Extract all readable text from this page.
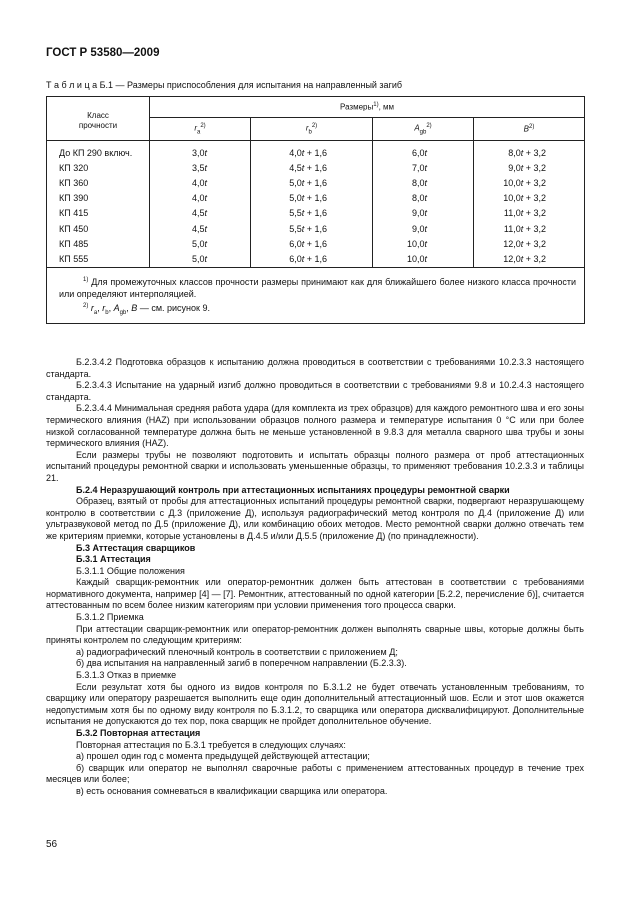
ГОСТ Р 53580—2009
Т а б л и ц а Б.1 — Размеры приспособления для испытания на направленный загиб
Класс
прочности	Размеры$^{1)}$, мм			
	$r_a^{2)}$	$r_b^{2)}$	$A_{gb}^{2)}$	$B^{2)}$
До КП 290 включ.	3,0t	4,0t + 1,6	6,0t	8,0t + 3,2
КП 320	3,5t	4,5t + 1,6	7,0t	9,0t + 3,2
КП 360	4,0t	5,0t + 1,6	8,0t	10,0t + 3,2
КП 390	4,0t	5,0t + 1,6	8,0t	10,0t + 3,2
КП 415	4,5t	5,5t + 1,6	9,0t	11,0t + 3,2
КП 450	4,5t	5,5t + 1,6	9,0t	11,0t + 3,2
КП 485	5,0t	6,0t + 1,6	10,0t	12,0t + 3,2
КП 555	5,0t	6,0t + 1,6	10,0t	12,0t + 3,2

$^{1)}$ Для промежуточных классов прочности размеры принимают как для ближайшего более низкого класса прочности или определяют интерполяцией.

$^{2)}$ $r_a$, $r_b$, $A_{gb}$, B — см. рисунок 9.				

Б.2.3.4.2 Подготовка образцов к испытанию должна проводиться в соответствии с требованиями 10.2.3.3 настоящего стандарта.

Б.2.3.4.3 Испытание на ударный изгиб должно проводиться в соответствии с требованиями 9.8 и 10.2.4.3 настоящего стандарта.

Б.2.3.4.4 Минимальная средняя работа удара (для комплекта из трех образцов) для каждого ремонтного шва и его зоны термического влияния (HAZ) при использовании образцов полного размера и температуре испытания 0 °С или при более низкой согласованной температуре должна быть не меньше установленной в 9.8.3 для металла сварного шва трубы и зоны термического влияния (HAZ).

Если размеры трубы не позволяют подготовить и испытать образцы полного размера от проб аттестационных испытаний процедуры ремонтной сварки и использовать уменьшенные образцы, то применяют требования 10.2.3.3 и таблицы 21.

Б.2.4 Неразрушающий контроль при аттестационных испытаниях процедуры ремонтной сварки

Образец, взятый от пробы для аттестационных испытаний процедуры ремонтной сварки, подвергают неразрушающему контролю в соответствии с Д.3 (приложение Д), используя радиографический метод контроля по Д.4 (приложение Д) или ультразвуковой метод по Д.5 (приложение Д), или комбинацию обоих методов. Место ремонтной сварки должно отвечать тем же критериям приемки, которые установлены в Д.4.5 и/или Д.5.5 (приложение Д) (по принадлежности).

Б.3 Аттестация сварщиков

Б.3.1 Аттестация

Б.3.1.1 Общие положения

Каждый сварщик-ремонтник или оператор-ремонтник должен быть аттестован в соответствии с требованиями нормативного документа, например [4] — [7]. Ремонтник, аттестованный по одной категории [Б.2.2, перечисление б)], считается аттестованным по всем более низким категориям при условии применения того процесса сварки.

Б.3.1.2 Приемка

При аттестации сварщик-ремонтник или оператор-ремонтник должен выполнять сварные швы, которые должны быть приняты контролем по следующим критериям:

а) радиографический пленочный контроль в соответствии с приложением Д;

б) два испытания на направленный загиб в поперечном направлении (Б.2.3.3).

Б.3.1.3 Отказ в приемке

Если результат хотя бы одного из видов контроля по Б.3.1.2 не будет отвечать установленным требованиям, то сварщику или оператору разрешается выполнить еще один дополнительный аттестационный шов. Если и этот шов окажется недопустимым хотя бы по одному виду контроля по Б.3.1.2, то сварщика или оператора дисквалифицируют. Дополнительные испытания не допускаются до тех пор, пока сварщик не пройдет дополнительное обучение.

Б.3.2 Повторная аттестация

Повторная аттестация по Б.3.1 требуется в следующих случаях:

а) прошел один год с момента предыдущей действующей аттестации;

б) сварщик или оператор не выполнял сварочные работы с применением аттестованных процедур в течение трех месяцев или более;

в) есть основания сомневаться в квалификации сварщика или оператора.

56
